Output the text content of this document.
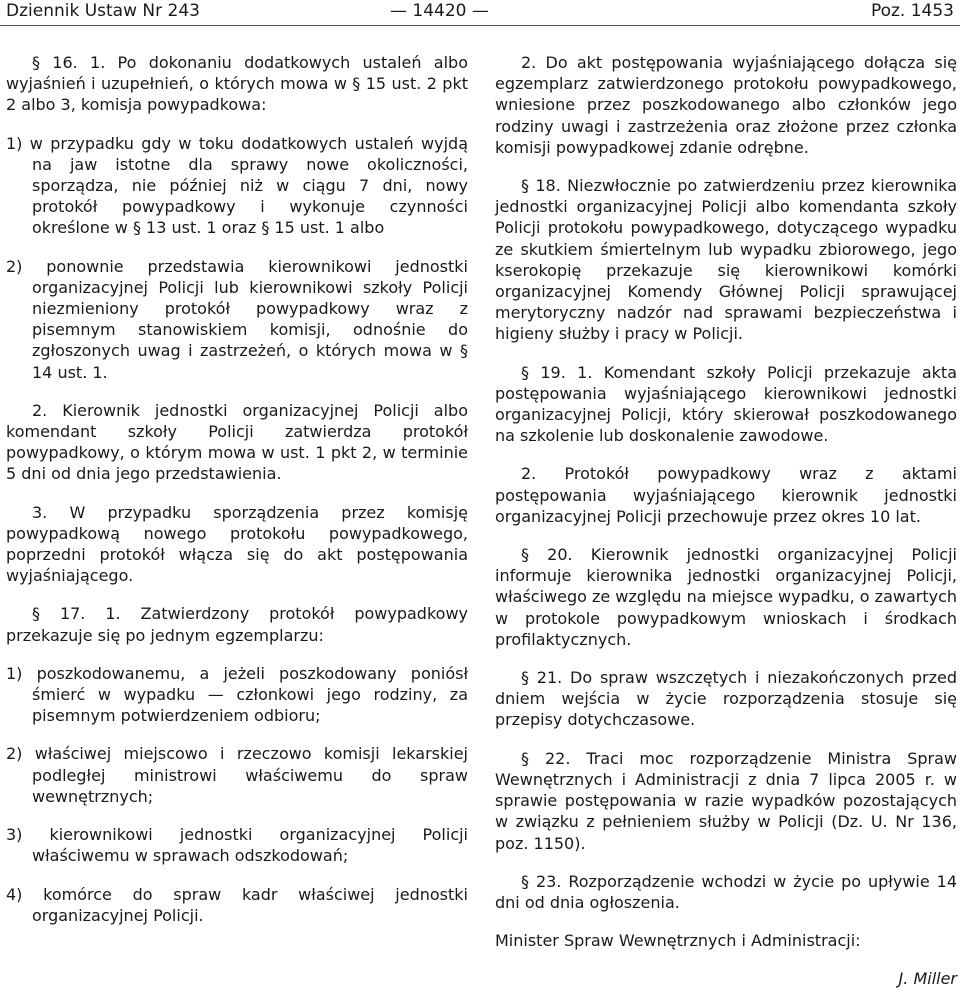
Dziennik Ustaw Nr 243	— 14420 —	Poz. 1453

§ 16. 1. Po dokonaniu dodatkowych ustaleń albo wyjaśnień i uzupełnień, o których mowa w § 15 ust. 2 pkt 2 albo 3, komisja powypadkowa:

1) w przypadku gdy w toku dodatkowych ustaleń wyjdą na jaw istotne dla sprawy nowe okoliczności, sporządza, nie później niż w ciągu 7 dni, nowy protokół powypadkowy i wykonuje czynności określone w § 13 ust. 1 oraz § 15 ust. 1 albo

2) ponownie przedstawia kierownikowi jednostki organizacyjnej Policji lub kierownikowi szkoły Policji niezmieniony protokół powypadkowy wraz z pisemnym stanowiskiem komisji, odnośnie do zgłoszonych uwag i zastrzeżeń, o których mowa w § 14 ust. 1.

2. Kierownik jednostki organizacyjnej Policji albo komendant szkoły Policji zatwierdza protokół powypadkowy, o którym mowa w ust. 1 pkt 2, w terminie 5 dni od dnia jego przedstawienia.

3. W przypadku sporządzenia przez komisję powypadkową nowego protokołu powypadkowego, poprzedni protokół włącza się do akt postępowania wyjaśniającego.

§ 17. 1. Zatwierdzony protokół powypadkowy przekazuje się po jednym egzemplarzu:

1) poszkodowanemu, a jeżeli poszkodowany poniósł śmierć w wypadku — członkowi jego rodziny, za pisemnym potwierdzeniem odbioru;

2) właściwej miejscowo i rzeczowo komisji lekarskiej podległej ministrowi właściwemu do spraw wewnętrznych;

3) kierownikowi jednostki organizacyjnej Policji właściwemu w sprawach odszkodowań;

4) komórce do spraw kadr właściwej jednostki organizacyjnej Policji.

2. Do akt postępowania wyjaśniającego dołącza się egzemplarz zatwierdzonego protokołu powypadkowego, wniesione przez poszkodowanego albo członków jego rodziny uwagi i zastrzeżenia oraz złożone przez członka komisji powypadkowej zdanie odrębne.

§ 18. Niezwłocznie po zatwierdzeniu przez kierownika jednostki organizacyjnej Policji albo komendanta szkoły Policji protokołu powypadkowego, dotyczącego wypadku ze skutkiem śmiertelnym lub wypadku zbiorowego, jego kserokopię przekazuje się kierownikowi komórki organizacyjnej Komendy Głównej Policji sprawującej merytoryczny nadzór nad sprawami bezpieczeństwa i higieny służby i pracy w Policji.

§ 19. 1. Komendant szkoły Policji przekazuje akta postępowania wyjaśniającego kierownikowi jednostki organizacyjnej Policji, który skierował poszkodowanego na szkolenie lub doskonalenie zawodowe.

2. Protokół powypadkowy wraz z aktami postępowania wyjaśniającego kierownik jednostki organizacyjnej Policji przechowuje przez okres 10 lat.

§ 20. Kierownik jednostki organizacyjnej Policji informuje kierownika jednostki organizacyjnej Policji, właściwego ze względu na miejsce wypadku, o zawartych w protokole powypadkowym wnioskach i środkach profilaktycznych.

§ 21. Do spraw wszczętych i niezakończonych przed dniem wejścia w życie rozporządzenia stosuje się przepisy dotychczasowe.

§ 22. Traci moc rozporządzenie Ministra Spraw Wewnętrznych i Administracji z dnia 7 lipca 2005 r. w sprawie postępowania w razie wypadków pozostających w związku z pełnieniem służby w Policji (Dz. U. Nr 136, poz. 1150).

§ 23. Rozporządzenie wchodzi w życie po upływie 14 dni od dnia ogłoszenia.

Minister Spraw Wewnętrznych i Administracji:

J. Miller
